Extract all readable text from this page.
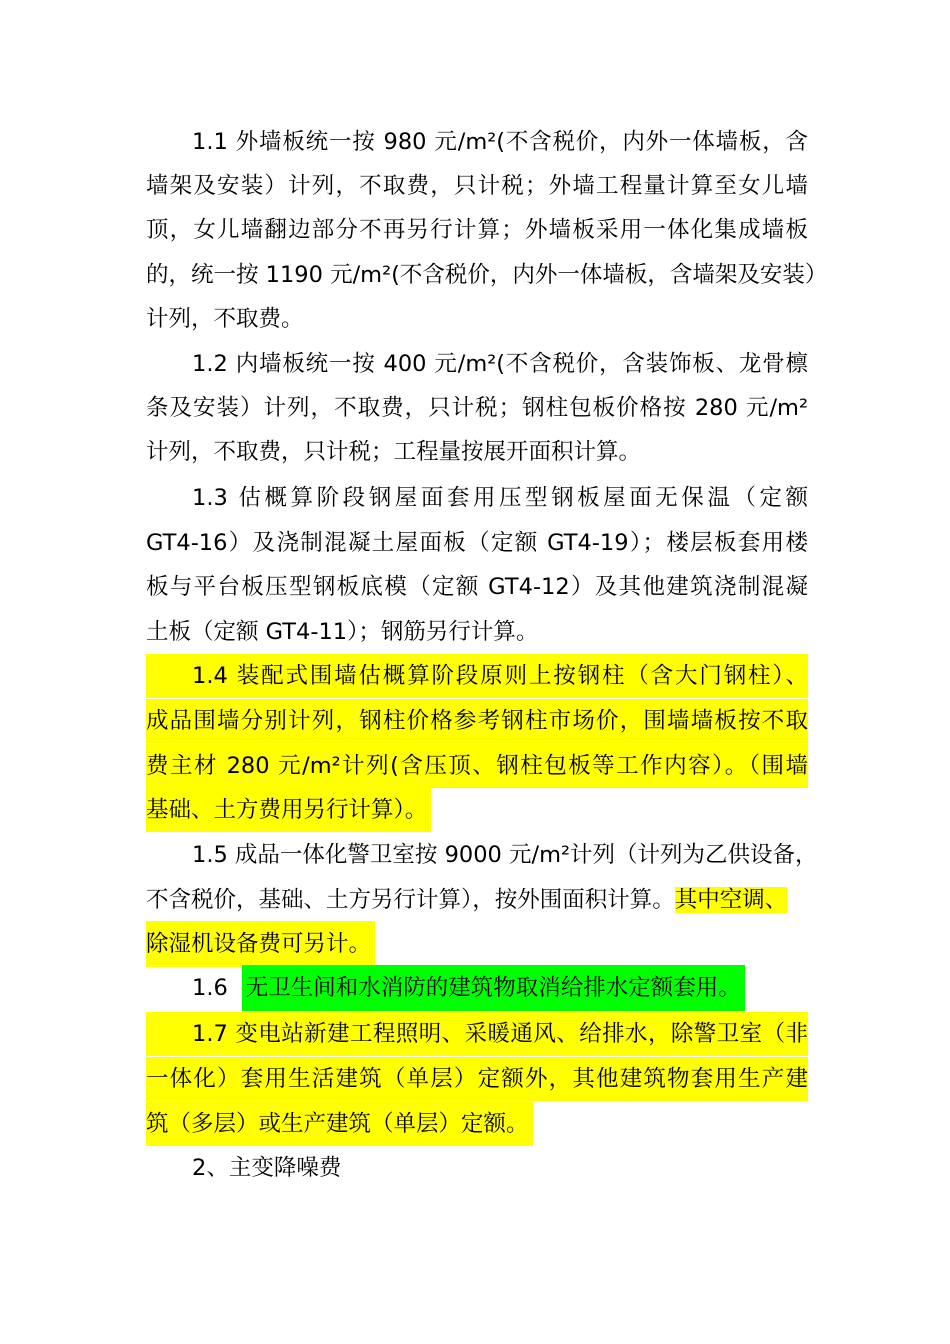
1.1 外墙板统一按 980 元/m²(不含税价，内外一体墙板，含
墙架及安装）计列，不取费，只计税；外墙工程量计算至女儿墙
顶，女儿墙翻边部分不再另行计算；外墙板采用一体化集成墙板
的，统一按 1190 元/m²(不含税价，内外一体墙板，含墙架及安装）
计列，不取费。
1.2 内墙板统一按 400 元/m²(不含税价，含装饰板、龙骨檩
条及安装）计列，不取费，只计税；钢柱包板价格按 280 元/m²
计列，不取费，只计税；工程量按展开面积计算。
1.3 估概算阶段钢屋面套用压型钢板屋面无保温（定额
GT4-16）及浇制混凝土屋面板（定额 GT4-19）；楼层板套用楼
板与平台板压型钢板底模（定额 GT4-12）及其他建筑浇制混凝
土板（定额 GT4-11）；钢筋另行计算。
1.4 装配式围墙估概算阶段原则上按钢柱（含大门钢柱）、
成品围墙分别计列，钢柱价格参考钢柱市场价，围墙墙板按不取
费主材 280 元/m²计列(含压顶、钢柱包板等工作内容）。（围墙
基础、土方费用另行计算）。
1.5 成品一体化警卫室按 9000 元/m²计列（计列为乙供设备，
不含税价，基础、土方另行计算），按外围面积计算。其中空调、
除湿机设备费可另计。
1.6 无卫生间和水消防的建筑物取消给排水定额套用。
1.7 变电站新建工程照明、采暖通风、给排水，除警卫室（非
一体化）套用生活建筑（单层）定额外，其他建筑物套用生产建
筑（多层）或生产建筑（单层）定额。
2、主变降噪费
